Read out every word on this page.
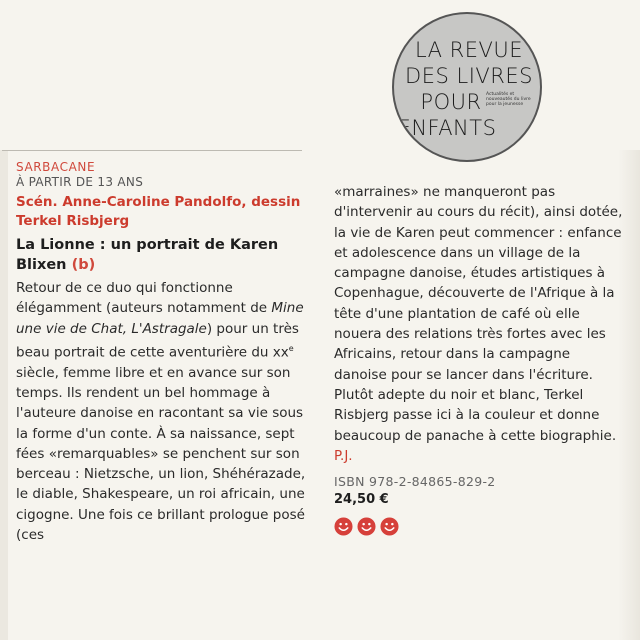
LA REVUE
DES LIVRES
POUR
ENFANTS
Actualités et nouveautés du livre pour la jeunesse
SARBACANE
À PARTIR DE 13 ANS
Scén. Anne-Caroline Pandolfo, dessin Terkel Risbjerg
La Lionne : un portrait de Karen Blixen (b)
Retour de ce duo qui fonctionne élégamment (auteurs notamment de Mine une vie de Chat, L'Astragale) pour un très beau portrait de cette aventurière du $xx^e$ siècle, femme libre et en avance sur son temps. Ils rendent un bel hommage à l'auteure danoise en racontant sa vie sous la forme d'un conte. À sa naissance, sept fées «remarquables» se penchent sur son berceau : Nietzsche, un lion, Shéhérazade, le diable, Shakespeare, un roi africain, une cigogne. Une fois ce brillant prologue posé (ces
«marraines» ne manqueront pas d'intervenir au cours du récit), ainsi dotée, la vie de Karen peut commencer : enfance et adolescence dans un village de la campagne danoise, études artistiques à Copenhague, découverte de l'Afrique à la tête d'une plantation de café où elle nouera des relations très fortes avec les Africains, retour dans la campagne danoise pour se lancer dans l'écriture. Plutôt adepte du noir et blanc, Terkel Risbjerg passe ici à la couleur et donne beaucoup de panache à cette biographie. P.J.
ISBN 978-2-84865-829-2
24,50 €
